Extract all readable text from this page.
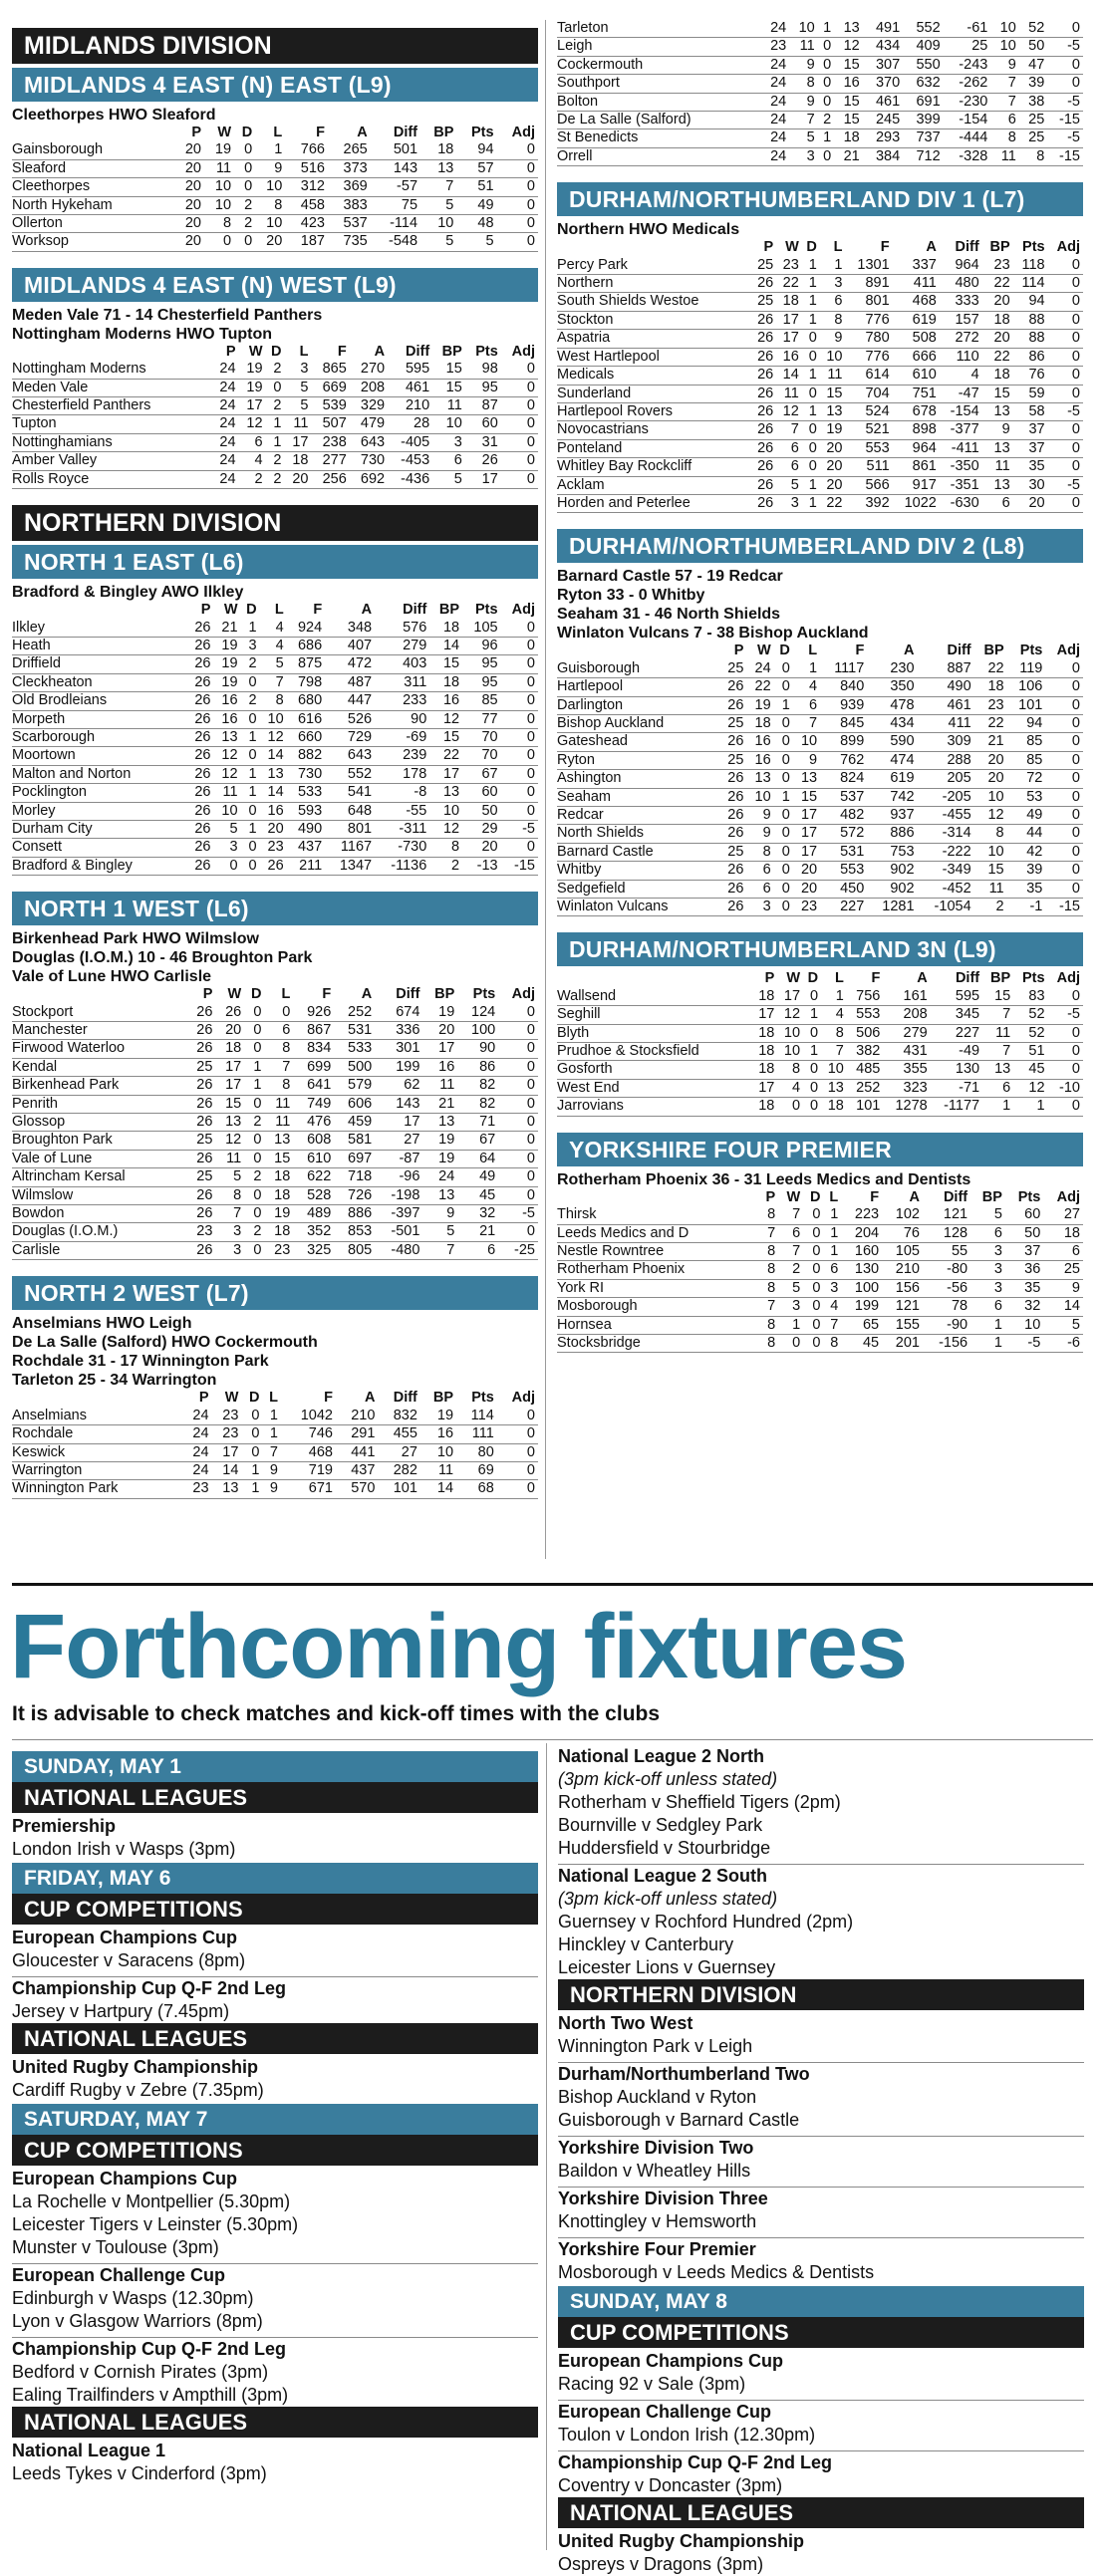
MIDLANDS DIVISION
MIDLANDS 4 EAST (N) EAST (L9)
Cleethorpes HWO Sleaford
	P	W	D	L	F	A	Diff	BP	Pts	Adj
Gainsborough	20	19	0	1	766	265	501	18	94	0
Sleaford	20	11	0	9	516	373	143	13	57	0
Cleethorpes	20	10	0	10	312	369	-57	7	51	0
North Hykeham	20	10	2	8	458	383	75	5	49	0
Ollerton	20	8	2	10	423	537	-114	10	48	0
Worksop	20	0	0	20	187	735	-548	5	5	0
MIDLANDS 4 EAST (N) WEST (L9)
Meden Vale 71 - 14 Chesterfield Panthers
Nottingham Moderns HWO Tupton
	P	W	D	L	F	A	Diff	BP	Pts	Adj
Nottingham Moderns	24	19	2	3	865	270	595	15	98	0
Meden Vale	24	19	0	5	669	208	461	15	95	0
Chesterfield Panthers	24	17	2	5	539	329	210	11	87	0
Tupton	24	12	1	11	507	479	28	10	60	0
Nottinghamians	24	6	1	17	238	643	-405	3	31	0
Amber Valley	24	4	2	18	277	730	-453	6	26	0
Rolls Royce	24	2	2	20	256	692	-436	5	17	0
NORTHERN DIVISION
NORTH 1 EAST (L6)
Bradford & Bingley AWO Ilkley
	P	W	D	L	F	A	Diff	BP	Pts	Adj
Ilkley	26	21	1	4	924	348	576	18	105	0
Heath	26	19	3	4	686	407	279	14	96	0
Driffield	26	19	2	5	875	472	403	15	95	0
Cleckheaton	26	19	0	7	798	487	311	18	95	0
Old Brodleians	26	16	2	8	680	447	233	16	85	0
Morpeth	26	16	0	10	616	526	90	12	77	0
Scarborough	26	13	1	12	660	729	-69	15	70	0
Moortown	26	12	0	14	882	643	239	22	70	0
Malton and Norton	26	12	1	13	730	552	178	17	67	0
Pocklington	26	11	1	14	533	541	-8	13	60	0
Morley	26	10	0	16	593	648	-55	10	50	0
Durham City	26	5	1	20	490	801	-311	12	29	-5
Consett	26	3	0	23	437	1167	-730	8	20	0
Bradford & Bingley	26	0	0	26	211	1347	-1136	2	-13	-15
NORTH 1 WEST (L6)
Birkenhead Park HWO Wilmslow
Douglas (I.O.M.) 10 - 46 Broughton Park
Vale of Lune HWO Carlisle
	P	W	D	L	F	A	Diff	BP	Pts	Adj
Stockport	26	26	0	0	926	252	674	19	124	0
Manchester	26	20	0	6	867	531	336	20	100	0
Firwood Waterloo	26	18	0	8	834	533	301	17	90	0
Kendal	25	17	1	7	699	500	199	16	86	0
Birkenhead Park	26	17	1	8	641	579	62	11	82	0
Penrith	26	15	0	11	749	606	143	21	82	0
Glossop	26	13	2	11	476	459	17	13	71	0
Broughton Park	25	12	0	13	608	581	27	19	67	0
Vale of Lune	26	11	0	15	610	697	-87	19	64	0
Altrincham Kersal	25	5	2	18	622	718	-96	24	49	0
Wilmslow	26	8	0	18	528	726	-198	13	45	0
Bowdon	26	7	0	19	489	886	-397	9	32	-5
Douglas (I.O.M.)	23	3	2	18	352	853	-501	5	21	0
Carlisle	26	3	0	23	325	805	-480	7	6	-25
NORTH 2 WEST (L7)
Anselmians HWO Leigh
De La Salle (Salford) HWO Cockermouth
Rochdale 31 - 17 Winnington Park
Tarleton 25 - 34 Warrington
	P	W	D	L	F	A	Diff	BP	Pts	Adj
Anselmians	24	23	0	1	1042	210	832	19	114	0
Rochdale	24	23	0	1	746	291	455	16	111	0
Keswick	24	17	0	7	468	441	27	10	80	0
Warrington	24	14	1	9	719	437	282	11	69	0
Winnington Park	23	13	1	9	671	570	101	14	68	0
Tarleton	24	10	1	13	491	552	-61	10	52	0
Leigh	23	11	0	12	434	409	25	10	50	-5
Cockermouth	24	9	0	15	307	550	-243	9	47	0
Southport	24	8	0	16	370	632	-262	7	39	0
Bolton	24	9	0	15	461	691	-230	7	38	-5
De La Salle (Salford)	24	7	2	15	245	399	-154	6	25	-15
St Benedicts	24	5	1	18	293	737	-444	8	25	-5
Orrell	24	3	0	21	384	712	-328	11	8	-15
DURHAM/NORTHUMBERLAND DIV 1 (L7)
Northern HWO Medicals
	P	W	D	L	F	A	Diff	BP	Pts	Adj
Percy Park	25	23	1	1	1301	337	964	23	118	0
Northern	26	22	1	3	891	411	480	22	114	0
South Shields Westoe	25	18	1	6	801	468	333	20	94	0
Stockton	26	17	1	8	776	619	157	18	88	0
Aspatria	26	17	0	9	780	508	272	20	88	0
West Hartlepool	26	16	0	10	776	666	110	22	86	0
Medicals	26	14	1	11	614	610	4	18	76	0
Sunderland	26	11	0	15	704	751	-47	15	59	0
Hartlepool Rovers	26	12	1	13	524	678	-154	13	58	-5
Novocastrians	26	7	0	19	521	898	-377	9	37	0
Ponteland	26	6	0	20	553	964	-411	13	37	0
Whitley Bay Rockcliff	26	6	0	20	511	861	-350	11	35	0
Acklam	26	5	1	20	566	917	-351	13	30	-5
Horden and Peterlee	26	3	1	22	392	1022	-630	6	20	0
DURHAM/NORTHUMBERLAND DIV 2 (L8)
Barnard Castle 57 - 19 Redcar
Ryton 33 - 0 Whitby
Seaham 31 - 46 North Shields
Winlaton Vulcans 7 - 38 Bishop Auckland
	P	W	D	L	F	A	Diff	BP	Pts	Adj
Guisborough	25	24	0	1	1117	230	887	22	119	0
Hartlepool	26	22	0	4	840	350	490	18	106	0
Darlington	26	19	1	6	939	478	461	23	101	0
Bishop Auckland	25	18	0	7	845	434	411	22	94	0
Gateshead	26	16	0	10	899	590	309	21	85	0
Ryton	25	16	0	9	762	474	288	20	85	0
Ashington	26	13	0	13	824	619	205	20	72	0
Seaham	26	10	1	15	537	742	-205	10	53	0
Redcar	26	9	0	17	482	937	-455	12	49	0
North Shields	26	9	0	17	572	886	-314	8	44	0
Barnard Castle	25	8	0	17	531	753	-222	10	42	0
Whitby	26	6	0	20	553	902	-349	15	39	0
Sedgefield	26	6	0	20	450	902	-452	11	35	0
Winlaton Vulcans	26	3	0	23	227	1281	-1054	2	-1	-15
DURHAM/NORTHUMBERLAND 3N (L9)
	P	W	D	L	F	A	Diff	BP	Pts	Adj
Wallsend	18	17	0	1	756	161	595	15	83	0
Seghill	17	12	1	4	553	208	345	7	52	-5
Blyth	18	10	0	8	506	279	227	11	52	0
Prudhoe & Stocksfield	18	10	1	7	382	431	-49	7	51	0
Gosforth	18	8	0	10	485	355	130	13	45	0
West End	17	4	0	13	252	323	-71	6	12	-10
Jarrovians	18	0	0	18	101	1278	-1177	1	1	0
YORKSHIRE FOUR PREMIER
Rotherham Phoenix 36 - 31 Leeds Medics and Dentists
	P	W	D	L	F	A	Diff	BP	Pts	Adj
Thirsk	8	7	0	1	223	102	121	5	60	27
Leeds Medics and D	7	6	0	1	204	76	128	6	50	18
Nestle Rowntree	8	7	0	1	160	105	55	3	37	6
Rotherham Phoenix	8	2	0	6	130	210	-80	3	36	25
York RI	8	5	0	3	100	156	-56	3	35	9
Mosborough	7	3	0	4	199	121	78	6	32	14
Hornsea	8	1	0	7	65	155	-90	1	10	5
Stocksbridge	8	0	0	8	45	201	-156	1	-5	-6
Forthcoming fixtures
It is advisable to check matches and kick-off times with the clubs
SUNDAY, MAY 1
NATIONAL LEAGUES
Premiership
London Irish v Wasps (3pm)
FRIDAY, MAY 6
CUP COMPETITIONS
European Champions Cup
Gloucester v Saracens (8pm)
Championship Cup Q-F 2nd Leg
Jersey v Hartpury (7.45pm)
NATIONAL LEAGUES
United Rugby Championship
Cardiff Rugby v Zebre (7.35pm)
SATURDAY, MAY 7
CUP COMPETITIONS
European Champions Cup
La Rochelle v Montpellier (5.30pm)
Leicester Tigers v Leinster (5.30pm)
Munster v Toulouse (3pm)
European Challenge Cup
Edinburgh v Wasps (12.30pm)
Lyon v Glasgow Warriors (8pm)
Championship Cup Q-F 2nd Leg
Bedford v Cornish Pirates (3pm)
Ealing Trailfinders v Ampthill (3pm)
NATIONAL LEAGUES
National League 1
Leeds Tykes v Cinderford (3pm)
National League 2 North
(3pm kick-off unless stated)
Rotherham v Sheffield Tigers (2pm)
Bournville v Sedgley Park
Huddersfield v Stourbridge
National League 2 South
(3pm kick-off unless stated)
Guernsey v Rochford Hundred (2pm)
Hinckley v Canterbury
Leicester Lions v Guernsey
NORTHERN DIVISION
North Two West
Winnington Park v Leigh
Durham/Northumberland Two
Bishop Auckland v Ryton
Guisborough v Barnard Castle
Yorkshire Division Two
Baildon v Wheatley Hills
Yorkshire Division Three
Knottingley v Hemsworth
Yorkshire Four Premier
Mosborough v Leeds Medics & Dentists
SUNDAY, MAY 8
CUP COMPETITIONS
European Champions Cup
Racing 92 v Sale (3pm)
European Challenge Cup
Toulon v London Irish (12.30pm)
Championship Cup Q-F 2nd Leg
Coventry v Doncaster (3pm)
NATIONAL LEAGUES
United Rugby Championship
Ospreys v Dragons (3pm)
